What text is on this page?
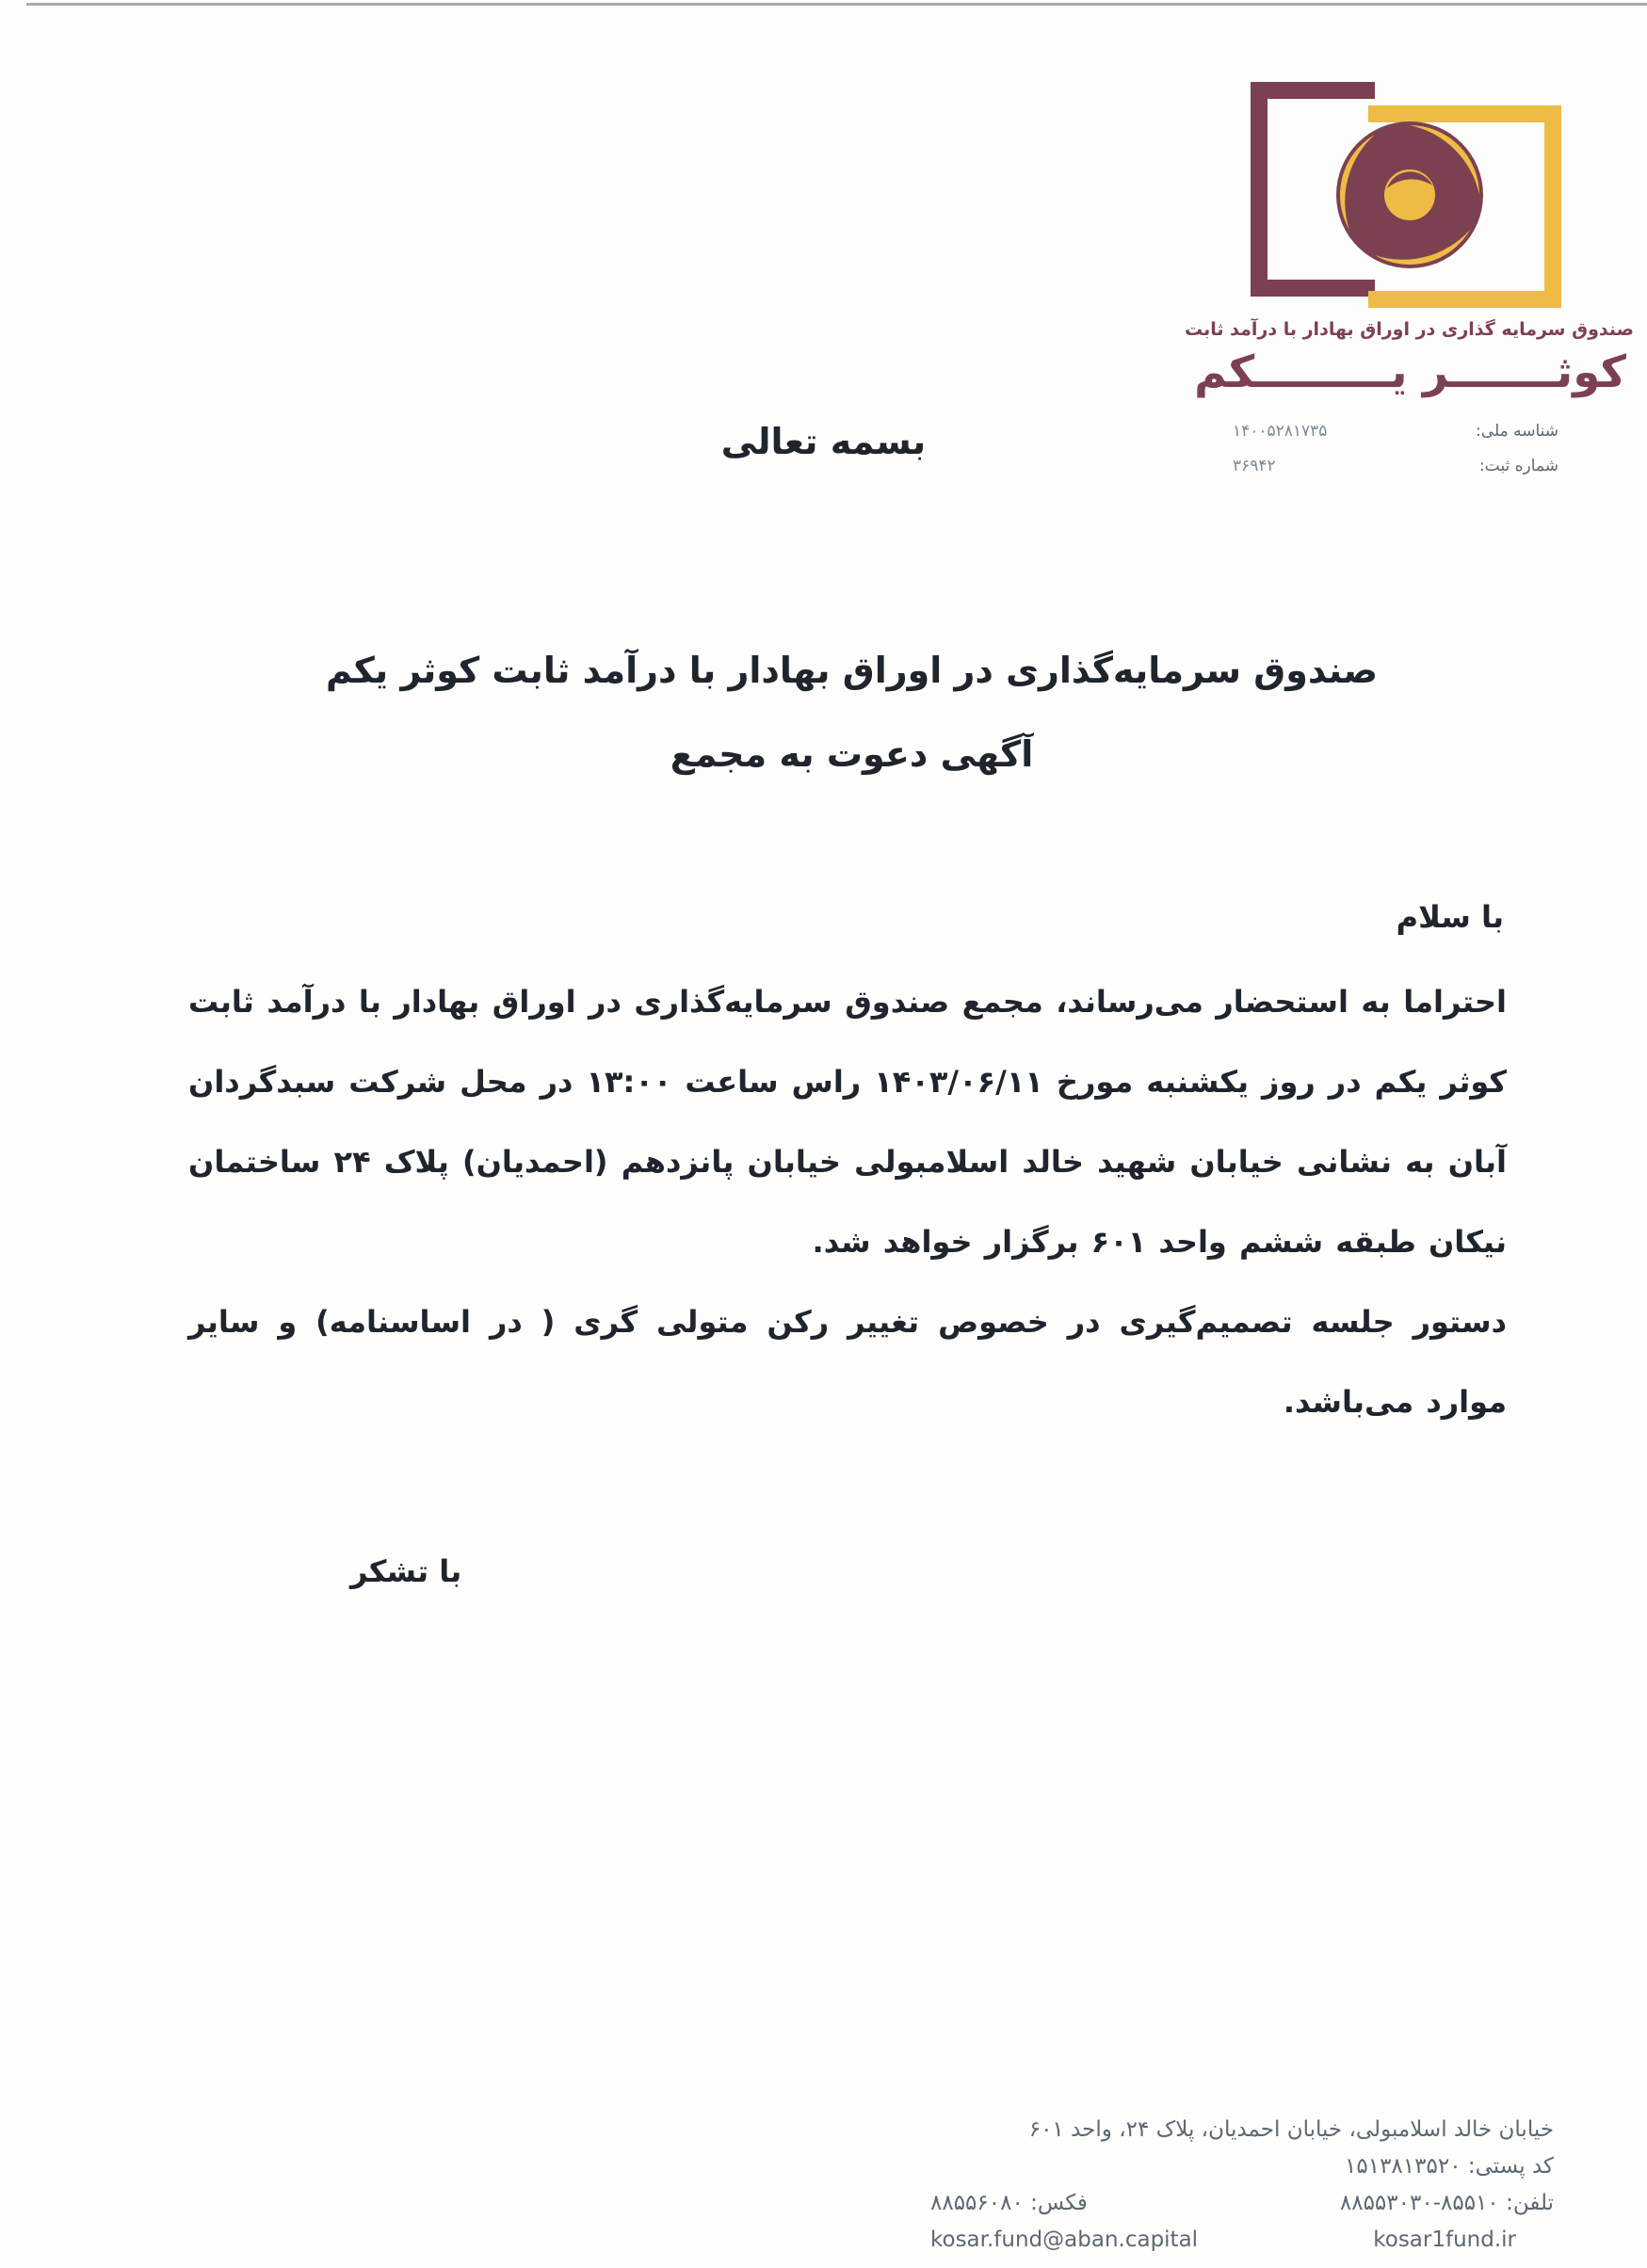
صندوق سرمایه گذاری در اوراق بهادار با درآمد ثابت
کوثـــــــر یـــــــــکم
شناسه ملی:
۱۴۰۰۵۲۸۱۷۳۵
شماره ثبت:
۳۶۹۴۲
بسمه تعالی
صندوق سرمایه‌گذاری در اوراق بهادار با درآمد ثابت کوثر یکم
آگهی دعوت به مجمع
با سلام

احتراما به استحضار می‌رساند، مجمع صندوق سرمایه‌گذاری در اوراق بهادار با درآمد ثابت کوثر یکم در روز یکشنبه مورخ ۱۴۰۳/۰۶/۱۱ راس ساعت ۱۳:۰۰ در محل شرکت سبدگردان آبان به نشانی خیابان شهید خالد اسلامبولی خیابان پانزدهم (احمدیان) پلاک ۲۴ ساختمان نیکان طبقه ششم واحد ۶۰۱ برگزار خواهد شد.

دستور جلسه تصمیم‌گیری در خصوص تغییر رکن متولی گری ( در اساسنامه) و سایر موارد می‌باشد.

با تشکر
خیابان خالد اسلامبولی، خیابان احمدیان، پلاک ۲۴، واحد ۶۰۱
کد پستی: ۱۵۱۳۸۱۳۵۲۰
تلفن: ۸۸۵۵۳۰۳۰-۸۵۵۱۰
فکس: ۸۸۵۵۶۰۸۰
kosar1fund.ir
kosar.fund@aban.capital
